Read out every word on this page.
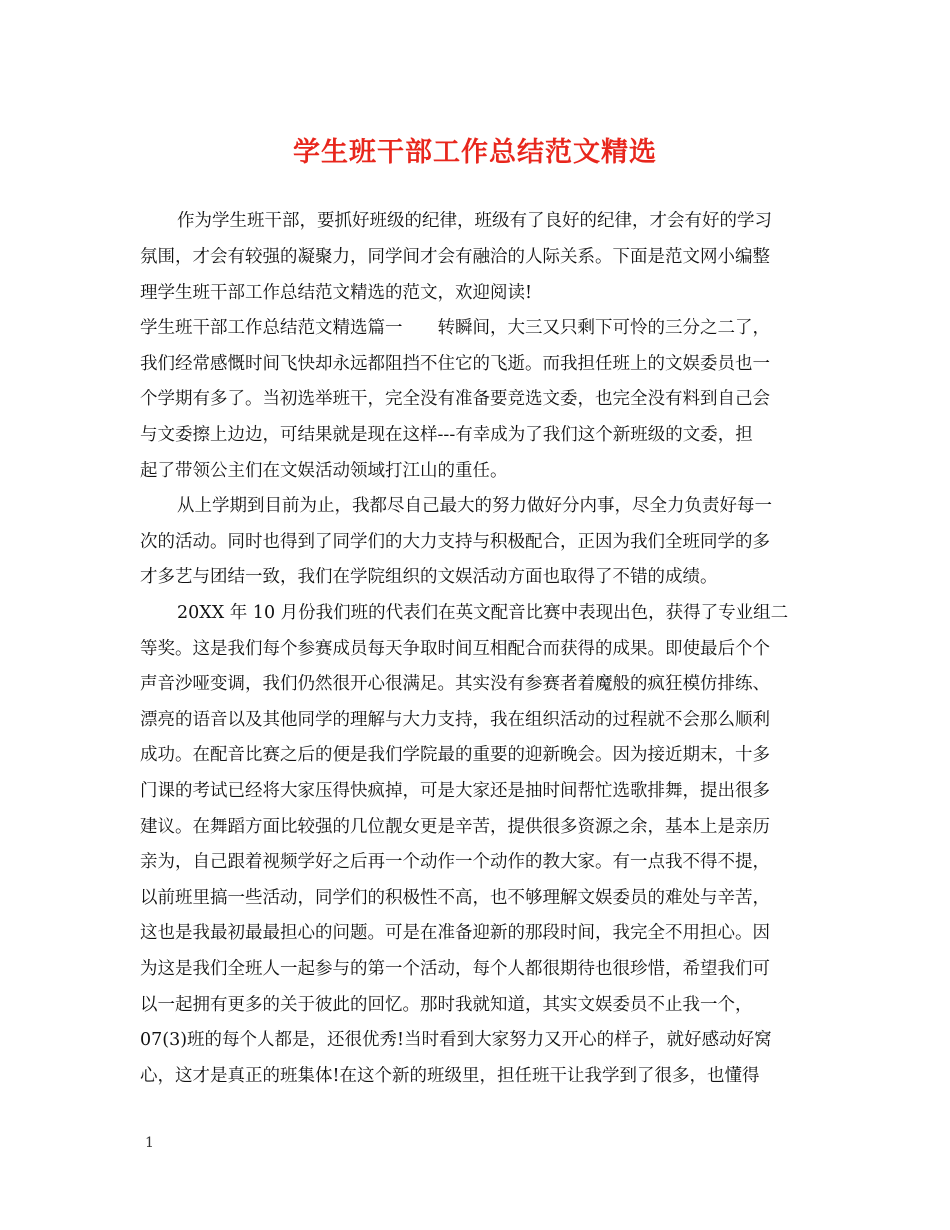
学生班干部工作总结范文精选
作为学生班干部，要抓好班级的纪律，班级有了良好的纪律，才会有好的学习
氛围，才会有较强的凝聚力，同学间才会有融洽的人际关系。下面是范文网小编整
理学生班干部工作总结范文精选的范文，欢迎阅读!
学生班干部工作总结范文精选篇一　　转瞬间，大三又只剩下可怜的三分之二了，
我们经常感慨时间飞快却永远都阻挡不住它的飞逝。而我担任班上的文娱委员也一
个学期有多了。当初选举班干，完全没有准备要竞选文委，也完全没有料到自己会
与文委擦上边边，可结果就是现在这样---有幸成为了我们这个新班级的文委，担
起了带领公主们在文娱活动领域打江山的重任。
从上学期到目前为止，我都尽自己最大的努力做好分内事，尽全力负责好每一
次的活动。同时也得到了同学们的大力支持与积极配合，正因为我们全班同学的多
才多艺与团结一致，我们在学院组织的文娱活动方面也取得了不错的成绩。
20XX 年 10 月份我们班的代表们在英文配音比赛中表现出色，获得了专业组二
等奖。这是我们每个参赛成员每天争取时间互相配合而获得的成果。即使最后个个
声音沙哑变调，我们仍然很开心很满足。其实没有参赛者着魔般的疯狂模仿排练、
漂亮的语音以及其他同学的理解与大力支持，我在组织活动的过程就不会那么顺利
成功。在配音比赛之后的便是我们学院最的重要的迎新晚会。因为接近期末，十多
门课的考试已经将大家压得快疯掉，可是大家还是抽时间帮忙选歌排舞，提出很多
建议。在舞蹈方面比较强的几位靓女更是辛苦，提供很多资源之余，基本上是亲历
亲为，自己跟着视频学好之后再一个动作一个动作的教大家。有一点我不得不提，
以前班里搞一些活动，同学们的积极性不高，也不够理解文娱委员的难处与辛苦，
这也是我最初最最担心的问题。可是在准备迎新的那段时间，我完全不用担心。因
为这是我们全班人一起参与的第一个活动，每个人都很期待也很珍惜，希望我们可
以一起拥有更多的关于彼此的回忆。那时我就知道，其实文娱委员不止我一个，
07(3)班的每个人都是，还很优秀!当时看到大家努力又开心的样子，就好感动好窝
心，这才是真正的班集体!在这个新的班级里，担任班干让我学到了很多，也懂得
1
